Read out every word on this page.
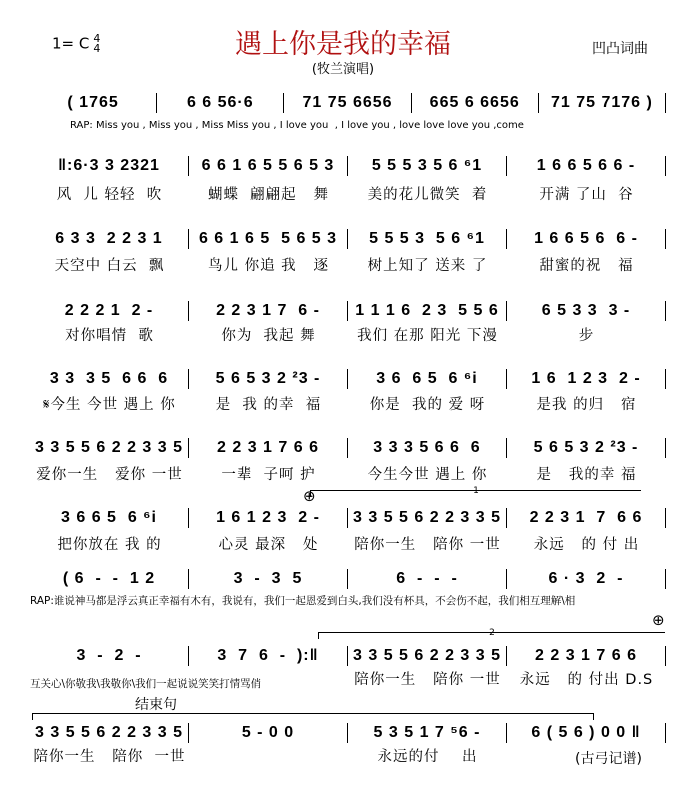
遇上你是我的幸福
1= C 4
4	凹凸词曲
(牧兰演唱)
RAP: Miss you , Miss you , Miss Miss you , I love you  , I love you , love love love you ,come
RAP:谁说神马都是浮云真正幸福有木有，我说有，我们一起恩爱到白头,我们没有杯具，不会伤不起，我们相互理解\相
互关心\你敬我\我敬你\我们一起说说笑笑打情骂俏
1
⊕
2
⊕
结束句
(古弓记谱)
( 1765	6 6 56·6	71 75 6656	665 6 6656	71 75 7176 )
‖:6·3 3 2321	6 6 1 6 5 5 6 5 3	5 5 5 3 5 6 ⁶1	1 6 6 5 6 6 -
风  儿 轻轻  吹	蝴蝶  翩翩起   舞	美的花儿微笑  着	开满 了山  谷
6 3 3  2 2 3 1	6 6 1 6 5  5 6 5 3	5 5 5 3  5 6 ⁶1	1 6 6 5 6  6 -
天空中 白云  飘	鸟儿 你追 我   逐	树上知了 送来 了	甜蜜的祝   福
2 2 2 1  2 -	2 2 3 1 7  6 -	1 1 1 6  2 3  5 5 6	6 5 3 3  3 -
对你唱情  歌	你为  我起 舞	我们 在那 阳光 下漫	步
3 3  3 5  6 6  6	5 6 5 3 2 ²3 -	3 6  6 5  6 ⁶i	1 6  1 2 3  2 -
𝄋今生 今世 遇上 你	是  我 的幸  福	你是  我的 爱 呀	是我 的归   宿
3 3 5 5 6 2 2 3 3 5	2 2 3 1 7 6 6	3 3 3 5 6 6  6	5 6 5 3 2 ²3 -
爱你一生   爱你 一世	一辈  子呵 护	今生今世 遇上 你	是   我的幸 福
3 6 6 5  6 ⁶i	1 6 1 2 3  2 -	3 3 5 5 6 2 2 3 3 5	2 2 3 1  7  6 6
把你放在 我 的	心灵 最深   处	陪你一生   陪你 一世	永远   的 付 出
( 6  -  -  1 2	3  -  3  5	6  -  -  -	6 · 3  2  -
3  -  2  -	3  7  6  -  ):‖	3 3 5 5 6 2 2 3 3 5	2 2 3 1 7 6 6
陪你一生   陪你 一世	永远   的 付出 D.S
3 3 5 5 6 2 2 3 3 5	5 - 0 0	5 3 5 1 7 ⁵6 -	6 ( 5 6 ) 0 0 ‖
陪你一生   陪你  一世	永远的付    出
